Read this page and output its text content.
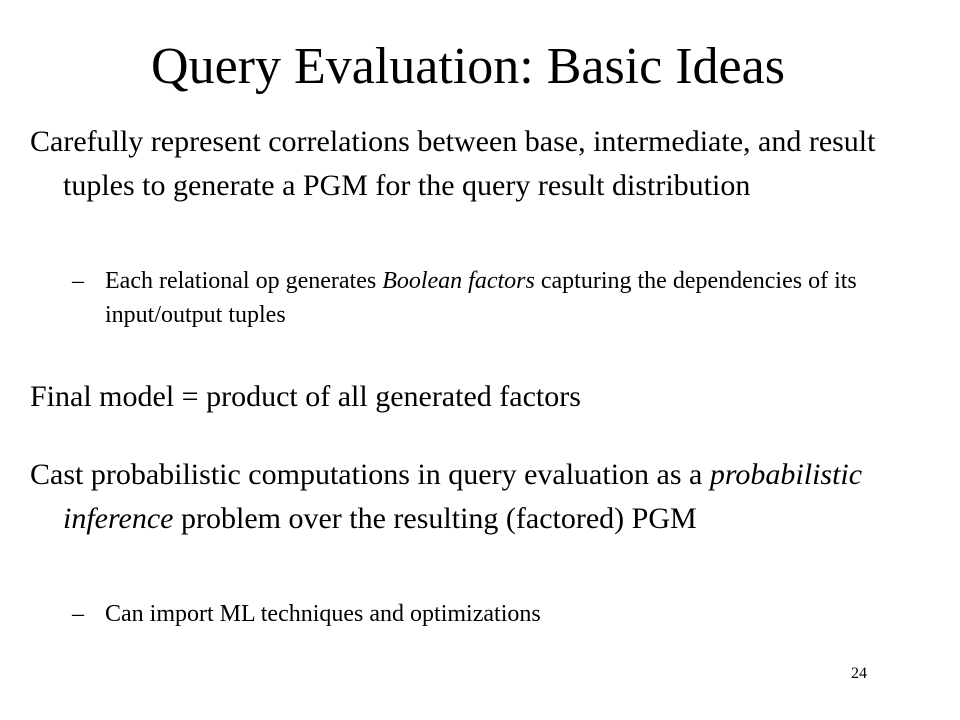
Query Evaluation: Basic Ideas

Carefully represent correlations between base, intermediate, and result tuples to generate a PGM for the query result distribution

– Each relational op generates Boolean factors capturing the dependencies of its input/output tuples

Final model = product of all generated factors

Cast probabilistic computations in query evaluation as a probabilistic inference problem over the resulting (factored) PGM

– Can import ML techniques and optimizations

24
